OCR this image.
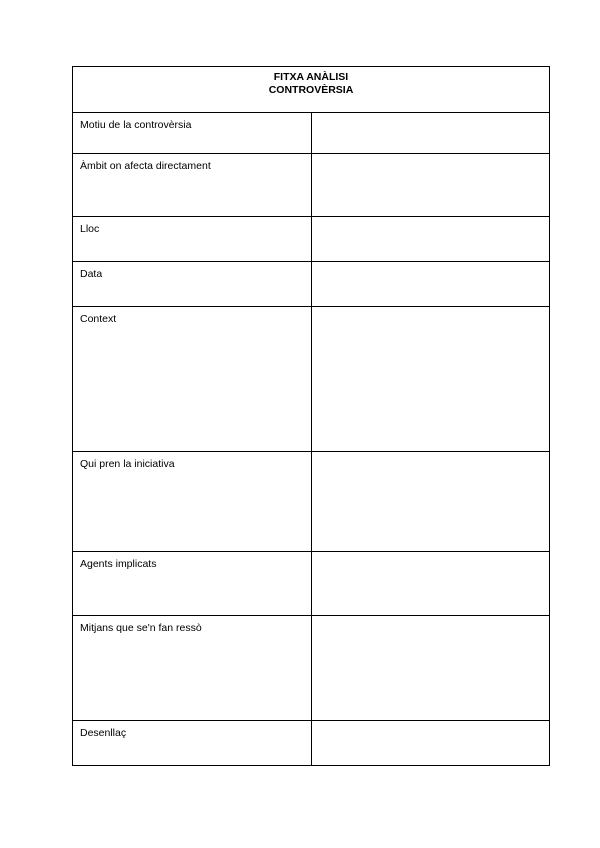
FITXA ANÀLISI
CONTROVÈRSIA	

Motiu de la controvèrsia	
Àmbit on afecta directament	
Lloc	
Data	
Context	
Qui pren la iniciativa	
Agents implicats	
Mitjans que se'n fan ressò	
Desenllaç	
